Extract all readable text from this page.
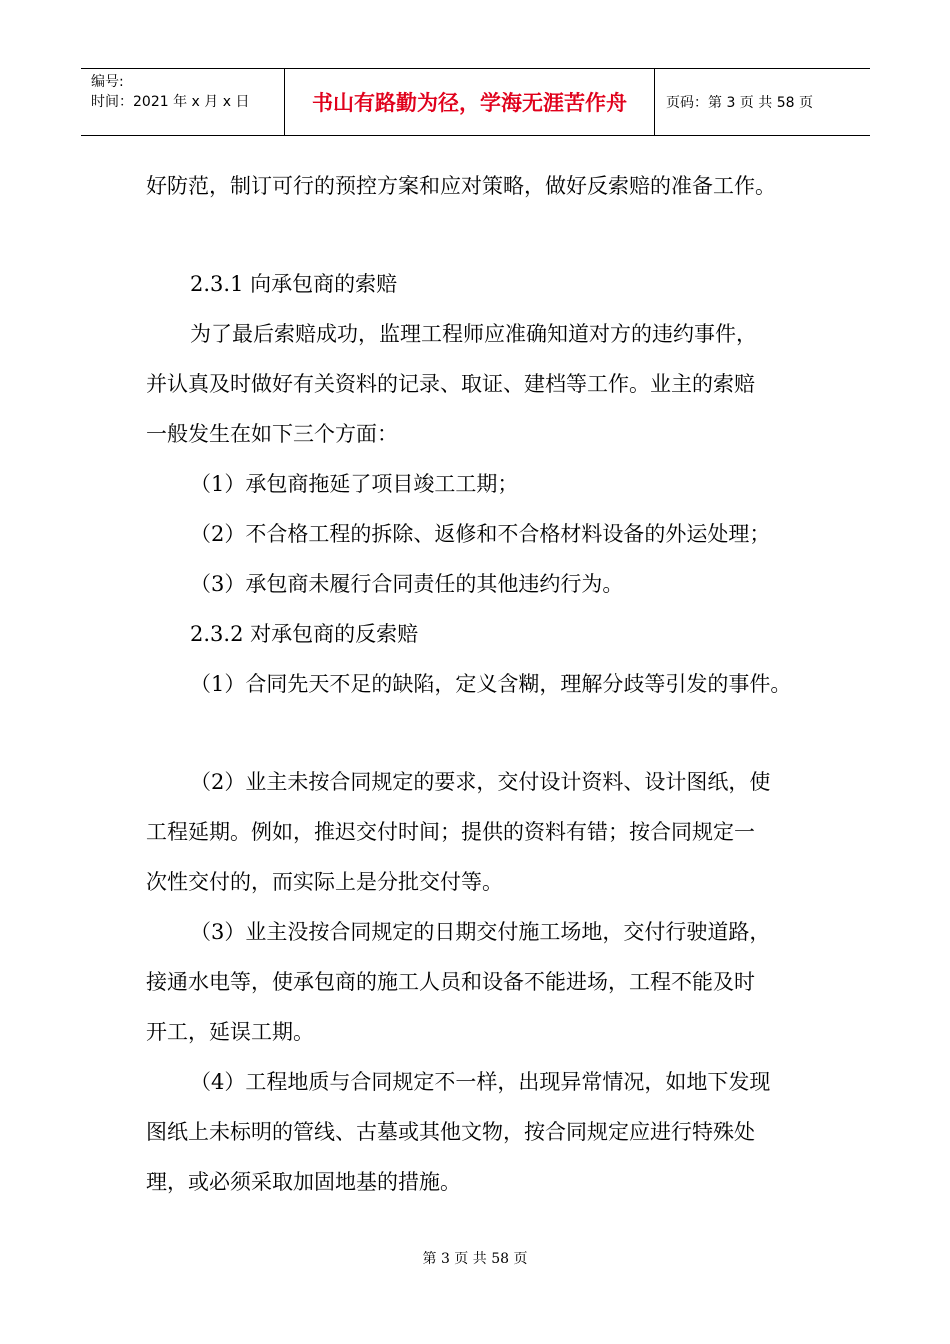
编号:
时间：2021 年 x 月 x 日	书山有路勤为径，学海无涯苦作舟	页码：第 3 页 共 58 页
好防范，制订可行的预控方案和应对策略，做好反索赔的准备工作。
2.3.1 向承包商的索赔
为了最后索赔成功，监理工程师应准确知道对方的违约事件，
并认真及时做好有关资料的记录、取证、建档等工作。业主的索赔
一般发生在如下三个方面：
（1）承包商拖延了项目竣工工期；
（2）不合格工程的拆除、返修和不合格材料设备的外运处理；
（3）承包商未履行合同责任的其他违约行为。
2.3.2 对承包商的反索赔
（1）合同先天不足的缺陷，定义含糊，理解分歧等引发的事件。
（2）业主未按合同规定的要求，交付设计资料、设计图纸，使
工程延期。例如，推迟交付时间；提供的资料有错；按合同规定一
次性交付的，而实际上是分批交付等。
（3）业主没按合同规定的日期交付施工场地，交付行驶道路，
接通水电等，使承包商的施工人员和设备不能进场，工程不能及时
开工，延误工期。
（4）工程地质与合同规定不一样，出现异常情况，如地下发现
图纸上未标明的管线、古墓或其他文物，按合同规定应进行特殊处
理，或必须采取加固地基的措施。
第 3 页 共 58 页
